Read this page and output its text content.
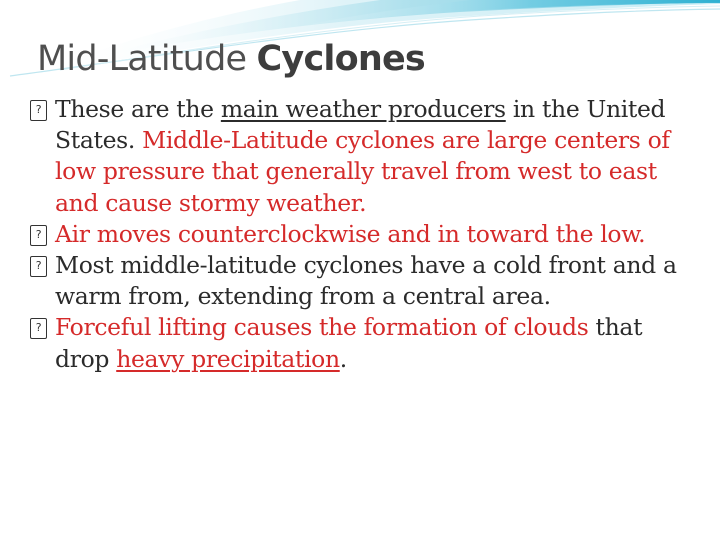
Mid-Latitude Cyclones
? These are the main weather producers in the United States. Middle-Latitude cyclones are large centers of low pressure that generally travel from west to east and cause stormy weather.
? Air moves counterclockwise and in toward the low.
? Most middle-latitude cyclones have a cold front and a warm from, extending from a central area.
? Forceful lifting causes the formation of clouds that drop heavy precipitation.
